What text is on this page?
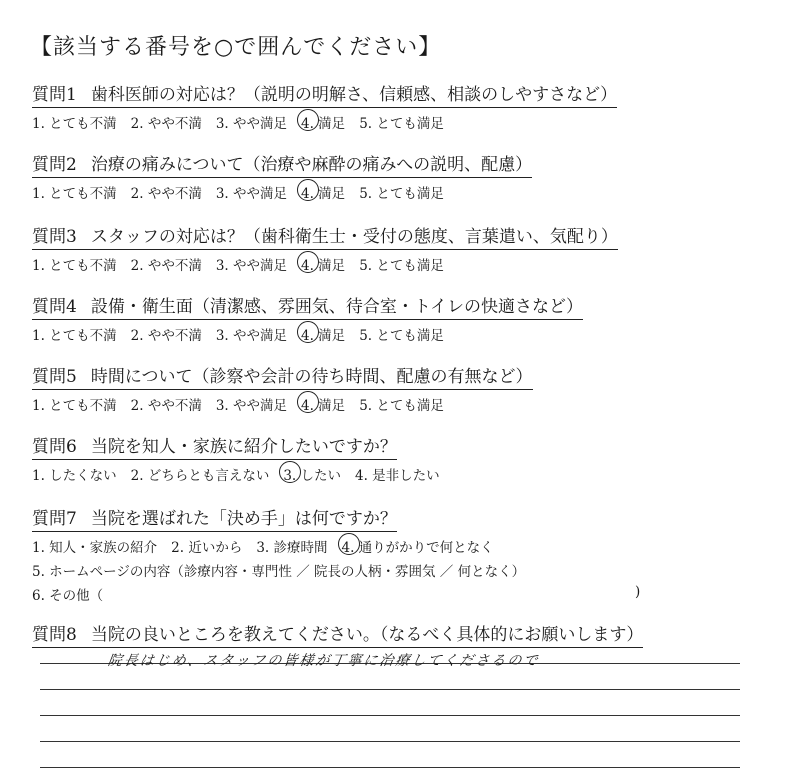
【該当する番号を○で囲んでください】
質問1 歯科医師の対応は？（説明の明解さ、信頼感、相談のしやすさなど）
1. とても不満 2. やや不満 3. やや満足 4. 満足 5. とても満足
質問2 治療の痛みについて（治療や麻酔の痛みへの説明、配慮）
1. とても不満 2. やや不満 3. やや満足 4. 満足 5. とても満足
質問3 スタッフの対応は？（歯科衛生士・受付の態度、言葉遣い、気配り）
1. とても不満 2. やや不満 3. やや満足 4. 満足 5. とても満足
質問4 設備・衛生面（清潔感、雰囲気、待合室・トイレの快適さなど）
1. とても不満 2. やや不満 3. やや満足 4. 満足 5. とても満足
質問5 時間について（診察や会計の待ち時間、配慮の有無など）
1. とても不満 2. やや不満 3. やや満足 4. 満足 5. とても満足
質問6 当院を知人・家族に紹介したいですか？
1. したくない 2. どちらとも言えない 3. したい 4. 是非したい
質問7 当院を選ばれた「決め手」は何ですか？
1. 知人・家族の紹介 2. 近いから 3. 診療時間 4. 通りがかりで何となく
5. ホームページの内容（診療内容・専門性 ／ 院長の人柄・雰囲気 ／ 何となく）
6. その他（	)
質問8 当院の良いところを教えてください。（なるべく具体的にお願いします）
院長はじめ、スタッフの皆様が丁寧に治療してくださるので
